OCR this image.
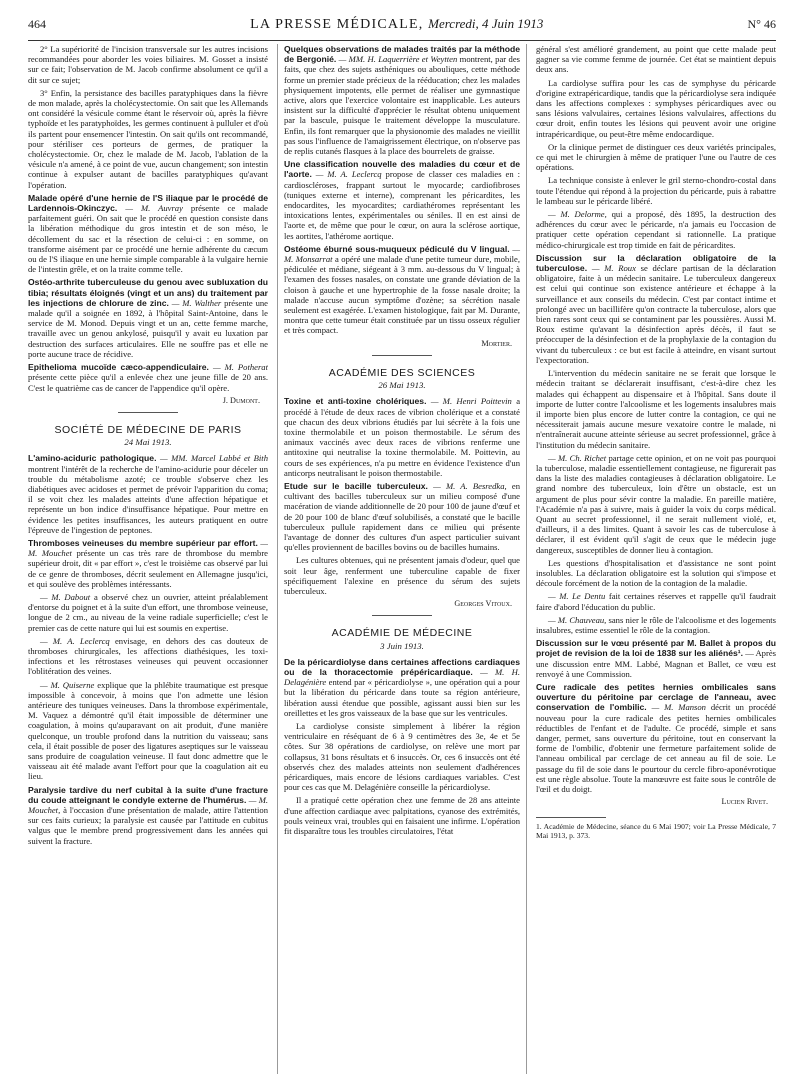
464	LA PRESSE MÉDICALE, Mercredi, 4 Juin 1913	N° 46

2° La supériorité de l'incision transversale sur les autres incisions recommandées pour aborder les voies biliaires. M. Gosset a insisté sur ce fait; l'observation de M. Jacob confirme absolument ce qu'il a dit sur ce sujet;

3° Enfin, la persistance des bacilles paratyphiques dans la fièvre de mon malade, après la cholécystectomie. On sait que les Allemands ont considéré la vésicule comme étant le réservoir où, après la fièvre typhoïde et les paratyphoïdes, les germes continuent à pulluler et d'où ils partent pour ensemencer l'intestin. On sait qu'ils ont recommandé, pour stériliser ces porteurs de germes, de pratiquer la cholécystectomie. Or, chez le malade de M. Jacob, l'ablation de la vésicule n'a amené, à ce point de vue, aucun changement; son intestin continue à expulser autant de bacilles paratyphiques qu'avant l'opération.

Malade opéré d'une hernie de l'S iliaque par le procédé de Lardennois-Okinczyc. — M. Auvray présente ce malade parfaitement guéri. On sait que le procédé en question consiste dans la libération méthodique du gros intestin et de son méso, le décollement du sac et la résection de celui-ci : en somme, on transforme aisément par ce procédé une hernie adhérente du cæcum ou de l'S iliaque en une hernie simple comparable à la vulgaire hernie de l'intestin grêle, et on la traite comme telle.

Ostéo-arthrite tuberculeuse du genou avec subluxation du tibia; résultats éloignés (vingt et un ans) du traitement par les injections de chlorure de zinc. — M. Walther présente une malade qu'il a soignée en 1892, à l'hôpital Saint-Antoine, dans le service de M. Monod. Depuis vingt et un an, cette femme marche, travaille avec un genou ankylosé, puisqu'il y avait eu luxation par destruction des surfaces articulaires. Elle ne souffre pas et elle ne porte aucune trace de récidive.

Epithelioma mucoïde cæco-appendiculaire. — M. Potherat présente cette pièce qu'il a enlevée chez une jeune fille de 20 ans. C'est le quatrième cas de cancer de l'appendice qu'il opère.

J. Dumont.
SOCIÉTÉ DE MÉDECINE DE PARIS
24 Mai 1913.

L'amino-aciduric pathologique. — MM. Marcel Labbé et Bith montrent l'intérêt de la recherche de l'amino-acidurie pour déceler un trouble du métabolisme azoté; ce trouble s'observe chez les diabétiques avec acidoses et permet de prévoir l'apparition du coma; il se voit chez les malades atteints d'une affection hépatique et représente un bon indice d'insuffisance hépatique. Pour mettre en évidence les petites insuffisances, les auteurs pratiquent en outre l'épreuve de l'ingestion de peptones.

Thromboses veineuses du membre supérieur par effort. — M. Mouchet présente un cas très rare de thrombose du membre supérieur droit, dit « par effort », c'est le troisième cas observé par lui de ce genre de thromboses, décrit seulement en Allemagne jusqu'ici, et qui soulève des problèmes intéressants.

— M. Dabout a observé chez un ouvrier, atteint préalablement d'entorse du poignet et à la suite d'un effort, une thrombose veineuse, longue de 2 cm., au niveau de la veine radiale superficielle; c'est le premier cas de cette nature qui lui est soumis en expertise.

— M. A. Leclercq envisage, en dehors des cas douteux de thromboses chirurgicales, les affections diathésiques, les toxi-infections et les rétrostases veineuses qui peuvent occasionner l'oblitération des veines.

— M. Quiserne explique que la phlébite traumatique est presque impossible à concevoir, à moins que l'on admette une lésion antérieure des tuniques veineuses. Dans la thrombose expérimentale, M. Vaquez a démontré qu'il était impossible de déterminer une coagulation, à moins qu'auparavant on ait produit, d'une manière quelconque, un trouble profond dans la nutrition du vaisseau; sans cela, il était possible de poser des ligatures aseptiques sur le vaisseau sans produire de coagulation veineuse. Il faut donc admettre que le vaisseau ait été malade avant l'effort pour que la coagulation ait eu lieu.

Paralysie tardive du nerf cubital à la suite d'une fracture du coude atteignant le condyle externe de l'humérus. — M. Mouchet, à l'occasion d'une présentation de malade, attire l'attention sur ces faits curieux; la paralysie est causée par l'attitude en cubitus valgus que le membre prend progressivement dans les années qui suivent la fracture.

Quelques observations de malades traités par la méthode de Bergonié. — MM. H. Laquerrière et Weytten montrent, par des faits, que chez des sujets asthéniques ou abouliques, cette méthode forme un premier stade précieux de la rééducation; chez les malades physiquement impotents, elle permet de réaliser une gymnastique active, alors que l'exercice volontaire est inapplicable. Les auteurs insistent sur la difficulté d'apprécier le résultat obtenu uniquement par la bascule, puisque le traitement développe la musculature. Enfin, ils font remarquer que la physionomie des malades ne vieillit pas sous l'influence de l'amaigrissement électrique, on n'observe pas de replis cutanés flasques à la place des bourrelets de graisse.

Une classification nouvelle des maladies du cœur et de l'aorte. — M. A. Leclercq propose de classer ces maladies en : cardioscléroses, frappant surtout le myocarde; cardiofibroses (tuniques externe et interne), comprenant les péricardites, les endocardites, les myocardites; cardiathéromes représentant les intoxications lentes, expérimentales ou séniles. Il en est ainsi de l'aorte et, de même que pour le cœur, on aura la sclérose aortique, les aortites, l'athérome aortique.

Ostéome éburné sous-muqueux pédiculé du V lingual. — M. Monsarrat a opéré une malade d'une petite tumeur dure, mobile, pédiculée et médiane, siégeant à 3 mm. au-dessous du V lingual; à l'examen des fosses nasales, on constate une grande déviation de la cloison à gauche et une hypertrophie de la fosse nasale droite; la malade n'accuse aucun symptôme d'ozène; sa sécrétion nasale seulement est exagérée. L'examen histologique, fait par M. Durante, montra que cette tumeur était constituée par un tissu osseux régulier et très compact.

Mortier.
ACADÉMIE DES SCIENCES
26 Mai 1913.

Toxine et anti-toxine cholériques. — M. Henri Poittevin a procédé à l'étude de deux races de vibrion cholérique et a constaté que chacun des deux vibrions étudiés par lui sécrète à la fois une toxine thermolabile et un poison thermostabile. Le sérum des animaux vaccinés avec deux races de vibrions renferme une antitoxine qui neutralise la toxine thermolabile. M. Poittevin, au cours de ses expériences, n'a pu mettre en évidence l'existence d'un anticorps neutralisant le poison thermostabile.

Etude sur le bacille tuberculeux. — M. A. Besredka, en cultivant des bacilles tuberculeux sur un milieu composé d'une macération de viande additionnelle de 20 pour 100 de jaune d'œuf et de 20 pour 100 de blanc d'œuf solubilisés, a constaté que le bacille tuberculeux pullule rapidement dans ce milieu qui présente l'avantage de donner des cultures d'un aspect particulier suivant qu'elles proviennent de bacilles bovins ou de bacilles humains.

Les cultures obtenues, qui ne présentent jamais d'odeur, quel que soit leur âge, renferment une tuberculine capable de fixer spécifiquement l'alexine en présence du sérum des sujets tuberculeux.

Georges Vitoux.
ACADÉMIE DE MÉDECINE
3 Juin 1913.

De la péricardiolyse dans certaines affections cardiaques ou de la thoracectomie prépéricardiaque. — M. H. Delagénière entend par « péricardiolyse », une opération qui a pour but la libération du péricarde dans toute sa région antérieure, libération aussi étendue que possible, agissant aussi bien sur les oreillettes et les gros vaisseaux de la base que sur les ventricules.

La cardiolyse consiste simplement à libérer la région ventriculaire en réséquant de 6 à 9 centimètres des 3e, 4e et 5e côtes. Sur 38 opérations de cardiolyse, on relève une mort par collapsus, 31 bons résultats et 6 insuccès. Or, ces 6 insuccès ont été observés chez des malades atteints non seulement d'adhérences péricardiques, mais encore de lésions cardiaques variables. C'est pour ces cas que M. Delagénière conseille la péricardiolyse.

Il a pratiqué cette opération chez une femme de 28 ans atteinte d'une affection cardiaque avec palpitations, cyanose des extrémités, pouls veineux vrai, troubles qui en faisaient une infirme. L'opération fit disparaître tous les troubles circulatoires, l'état

général s'est amélioré grandement, au point que cette malade peut gagner sa vie comme femme de journée. Cet état se maintient depuis deux ans.

La cardiolyse suffira pour les cas de symphyse du péricarde d'origine extrapéricardique, tandis que la péricardiolyse sera indiquée dans les affections complexes : symphyses péricardiques avec ou sans lésions valvulaires, certaines lésions valvulaires, affections du cœur droit, enfin toutes les lésions qui peuvent avoir une origine intrapéricardique, ou peut-être même endocardique.

Or la clinique permet de distinguer ces deux variétés principales, ce qui met le chirurgien à même de pratiquer l'une ou l'autre de ces opérations.

La technique consiste à enlever le gril sterno-chondro-costal dans toute l'étendue qui répond à la projection du péricarde, puis à rabattre le lambeau sur le péricarde libéré.

— M. Delorme, qui a proposé, dès 1895, la destruction des adhérences du cœur avec le péricarde, n'a jamais eu l'occasion de pratiquer cette opération cependant si rationnelle. La pratique médico-chirurgicale est trop timide en fait de péricardites.

Discussion sur la déclaration obligatoire de la tuberculose. — M. Roux se déclare partisan de la déclaration obligatoire, faite à un médecin sanitaire. Le tuberculeux dangereux est celui qui continue son existence antérieure et échappe à la surveillance et aux conseils du médecin. C'est par contact intime et prolongé avec un bacillifère qu'on contracte la tuberculose, alors que bien rares sont ceux qui se contaminent par les poussières. Aussi M. Roux estime qu'avant la désinfection après décès, il faut se préoccuper de la désinfection et de la prophylaxie de la contagion du vivant du tuberculeux : ce but est facile à atteindre, en visant surtout l'expectoration.

L'intervention du médecin sanitaire ne se ferait que lorsque le médecin traitant se déclarerait insuffisant, c'est-à-dire chez les malades qui échappent au dispensaire et à l'hôpital. Sans doute il importe de lutter contre l'alcoolisme et les logements insalubres mais il importe bien plus encore de lutter contre la contagion, ce qui ne nécessiterait jamais aucune mesure vexatoire contre le malade, ni n'entraînerait aucune atteinte sérieuse au secret professionnel, grâce à l'institution du médecin sanitaire.

— M. Ch. Richet partage cette opinion, et on ne voit pas pourquoi la tuberculose, maladie essentiellement contagieuse, ne figurerait pas dans la liste des maladies contagieuses à déclaration obligatoire. Le grand nombre des tuberculeux, loin d'être un obstacle, est un argument de plus pour sévir contre la maladie. En pareille matière, l'Académie n'a pas à suivre, mais à guider la voix du corps médical. Quant au secret professionnel, il ne serait nullement violé, et, d'ailleurs, il a des limites. Quant à savoir les cas de tuberculose à déclarer, il est évident qu'il s'agit de ceux que le médecin juge dangereux, susceptibles de donner lieu à contagion.

Les questions d'hospitalisation et d'assistance ne sont point insolubles. La déclaration obligatoire est la solution qui s'impose et découle forcément de la notion de la contagion de la maladie.

— M. Le Dentu fait certaines réserves et rappelle qu'il faudrait faire d'abord l'éducation du public.

— M. Chauveau, sans nier le rôle de l'alcoolisme et des logements insalubres, estime essentiel le rôle de la contagion.

Discussion sur le vœu présenté par M. Ballet à propos du projet de revision de la loi de 1838 sur les aliénés¹. — Après une discussion entre MM. Labbé, Magnan et Ballet, ce vœu est renvoyé à une Commission.

Cure radicale des petites hernies ombilicales sans ouverture du péritoine par cerclage de l'anneau, avec conservation de l'ombilic. — M. Manson décrit un procédé nouveau pour la cure radicale des petites hernies ombilicales réductibles de l'enfant et de l'adulte. Ce procédé, simple et sans danger, permet, sans ouverture du péritoine, tout en conservant la forme de l'ombilic, d'obtenir une fermeture parfaitement solide de l'anneau ombilical par cerclage de cet anneau au fil de soie. Le passage du fil de soie dans le pourtour du cercle fibro-aponévrotique est une règle absolue. Toute la manœuvre est faite sous le contrôle de l'œil et du doigt.

Lucien Rivet.
1. Académie de Médecine, séance du 6 Mai 1907; voir La Presse Médicale, 7 Mai 1913, p. 373.
